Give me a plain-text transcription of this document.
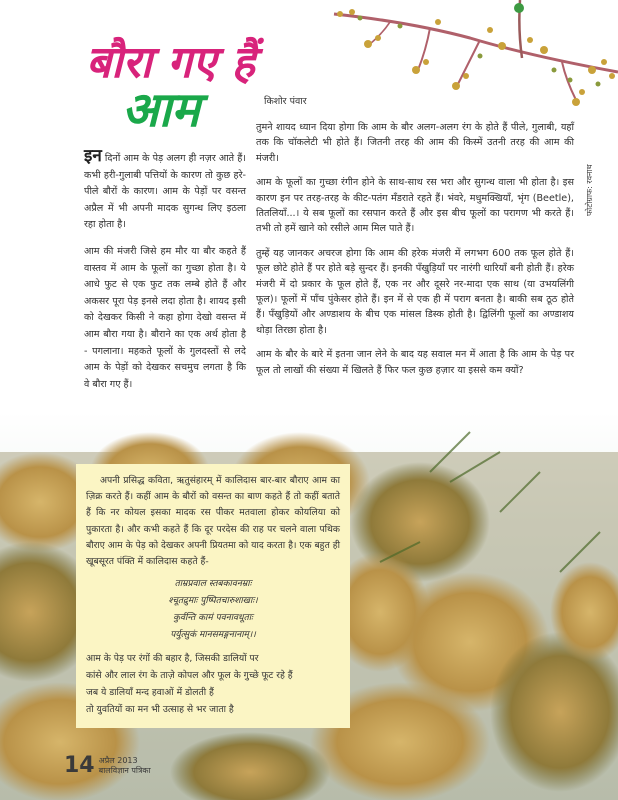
बौरा गए हैं
आम	किशोर पंवार

इन दिनों आम के पेड़ अलग ही नज़र आते हैं। कभी हरी-गुलाबी पत्तियों के कारण तो कुछ हरे-पीले बौरों के कारण। आम के पेड़ों पर वसन्त अप्रैल में भी अपनी मादक सुगन्ध लिए इठला रहा होता है।

आम की मंजरी जिसे हम मौर या बौर कहते हैं वास्तव में आम के फूलों का गुच्छा होता है। ये आधे फुट से एक फुट तक लम्बे होते हैं और अकसर पूरा पेड़ इनसे लदा होता है। शायद इसी को देखकर किसी ने कहा होगा देखो वसन्त में आम बौरा गया है। बौराने का एक अर्थ होता है - पगलाना। महकते फूलों के गुलदस्तों से लदे आम के पेड़ों को देखकर सचमुच लगता है कि वे बौरा गए हैं।

तुमने शायद ध्यान दिया होगा कि आम के बौर अलग-अलग रंग के होते हैं पीले, गुलाबी, यहाँ तक कि चॉकलेटी भी होते हैं। जितनी तरह की आम की किस्में उतनी तरह की आम की मंजरी।

आम के फूलों का गुच्छा रंगीन होने के साथ-साथ रस भरा और सुगन्ध वाला भी होता है। इस कारण इन पर तरह-तरह के कीट-पतंग मँडराते रहते हैं। भंवरे, मधुमक्खियाँ, भृंग (Beetle), तितलियाँ...। ये सब फूलों का रसपान करते हैं और इस बीच फूलों का परागण भी करते हैं। तभी तो हमें खाने को रसीले आम मिल पाते हैं।

तुम्हें यह जानकर अचरज होगा कि आम की हरेक मंजरी में लगभग 600 तक फूल होते हैं। फूल छोटे होते हैं पर होते बड़े सुन्दर हैं। इनकी पँखुड़ियाँ पर नारंगी धारियाँ बनी होती हैं। हरेक मंजरी में दो प्रकार के फूल होते हैं, एक नर और दूसरे नर-मादा एक साथ (या उभयलिंगी फूल)। फूलों में पाँच पुंकेसर होते हैं। इन में से एक ही में पराग बनता है। बाकी सब ठूठ होते हैं। पँखुड़ियों और अण्डाशय के बीच एक मांसल डिस्क होती है। द्विलिंगी फूलों का अण्डाशय थोड़ा तिरछा होता है।

आम के बौर के बारे में इतना जान लेने के बाद यह सवाल मन में आता है कि आम के पेड़ पर फूल तो लाखों की संख्या में खिलते हैं फिर फल कुछ हज़ार या इससे कम क्यों?

फोटोग्राफ: रवनाथ

अपनी प्रसिद्ध कविता, ऋतुसंहारम् में कालिदास बार-बार बौराए आम का ज़िक्र करते हैं। कहीं आम के बौरों को वसन्त का बाण कहते हैं तो कहीं बताते हैं कि नर कोयल इसका मादक रस पीकर मतवाला होकर कोयलिया को पुकारता है। और कभी कहते हैं कि दूर परदेस की राह पर चलने वाला पथिक बौराए आम के पेड़ को देखकर अपनी प्रियतमा को याद करता है। एक बहुत ही खूबसूरत पंक्ति में कालिदास कहते हैं-

ताम्रप्रवाल स्तबकावनम्राः
श्चूतद्रुमाः पुष्पितचारुशाखाः।
कुर्वन्ति कामं पवनावधूताः
पर्युत्सुकं मानसमङ्गनानाम्।।
आम के पेड़ पर रंगों की बहार है, जिसकी डालियों पर
कांसे और लाल रंग के ताज़े कोपल और फूल के गुच्छे फूट रहे हैं
जब ये डालियाँ मन्द हवाओं में डोलती हैं
तो युवतियों का मन भी उत्साह से भर जाता है
14 अप्रैल 2013
बालविज्ञान पत्रिका
